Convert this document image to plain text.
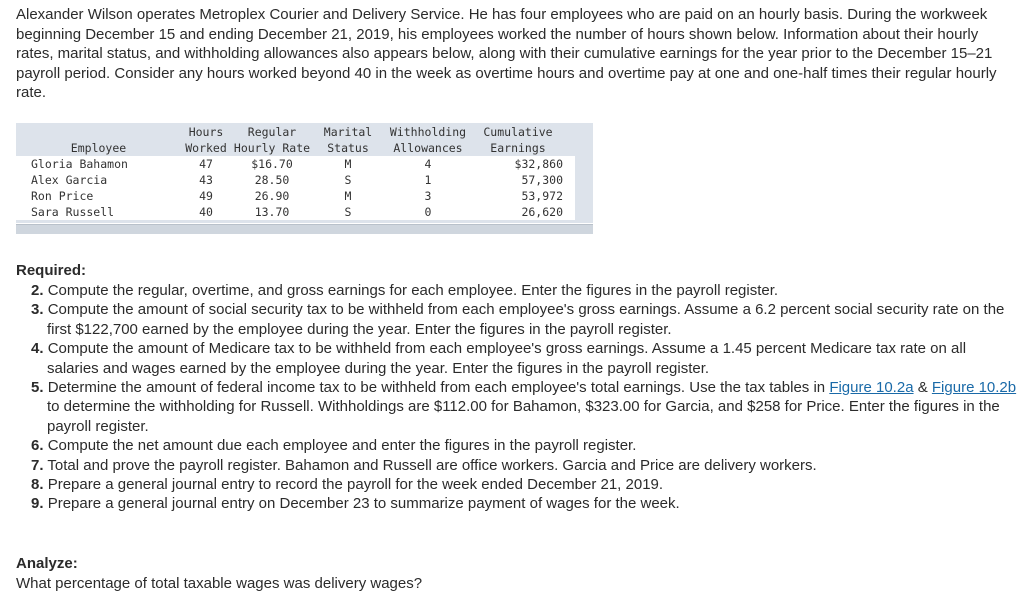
Alexander Wilson operates Metroplex Courier and Delivery Service. He has four employees who are paid on an hourly basis. During the workweek beginning December 15 and ending December 21, 2019, his employees worked the number of hours shown below. Information about their hourly rates, marital status, and withholding allowances also appears below, along with their cumulative earnings for the year prior to the December 15–21 payroll period. Consider any hours worked beyond 40 in the week as overtime hours and overtime pay at one and one-half times their regular hourly rate.

	Hours	Regular	Marital	Withholding	Cumulative
Employee	Worked	Hourly Rate	Status	Allowances	Earnings
Gloria Bahamon	47	$16.70	M	4	$32,860
Alex Garcia	43	28.50	S	1	57,300
Ron Price	49	26.90	M	3	53,972
Sara Russell	40	13.70	S	0	26,620

Required:

2. Compute the regular, overtime, and gross earnings for each employee. Enter the figures in the payroll register.
3. Compute the amount of social security tax to be withheld from each employee's gross earnings. Assume a 6.2 percent social security rate on the first $122,700 earned by the employee during the year. Enter the figures in the payroll register.
4. Compute the amount of Medicare tax to be withheld from each employee's gross earnings. Assume a 1.45 percent Medicare tax rate on all salaries and wages earned by the employee during the year. Enter the figures in the payroll register.
5. Determine the amount of federal income tax to be withheld from each employee's total earnings. Use the tax tables in Figure 10.2a & Figure 10.2b to determine the withholding for Russell. Withholdings are $112.00 for Bahamon, $323.00 for Garcia, and $258 for Price. Enter the figures in the payroll register.
6. Compute the net amount due each employee and enter the figures in the payroll register.
7. Total and prove the payroll register. Bahamon and Russell are office workers. Garcia and Price are delivery workers.
8. Prepare a general journal entry to record the payroll for the week ended December 21, 2019.
9. Prepare a general journal entry on December 23 to summarize payment of wages for the week.

Analyze:

What percentage of total taxable wages was delivery wages?
